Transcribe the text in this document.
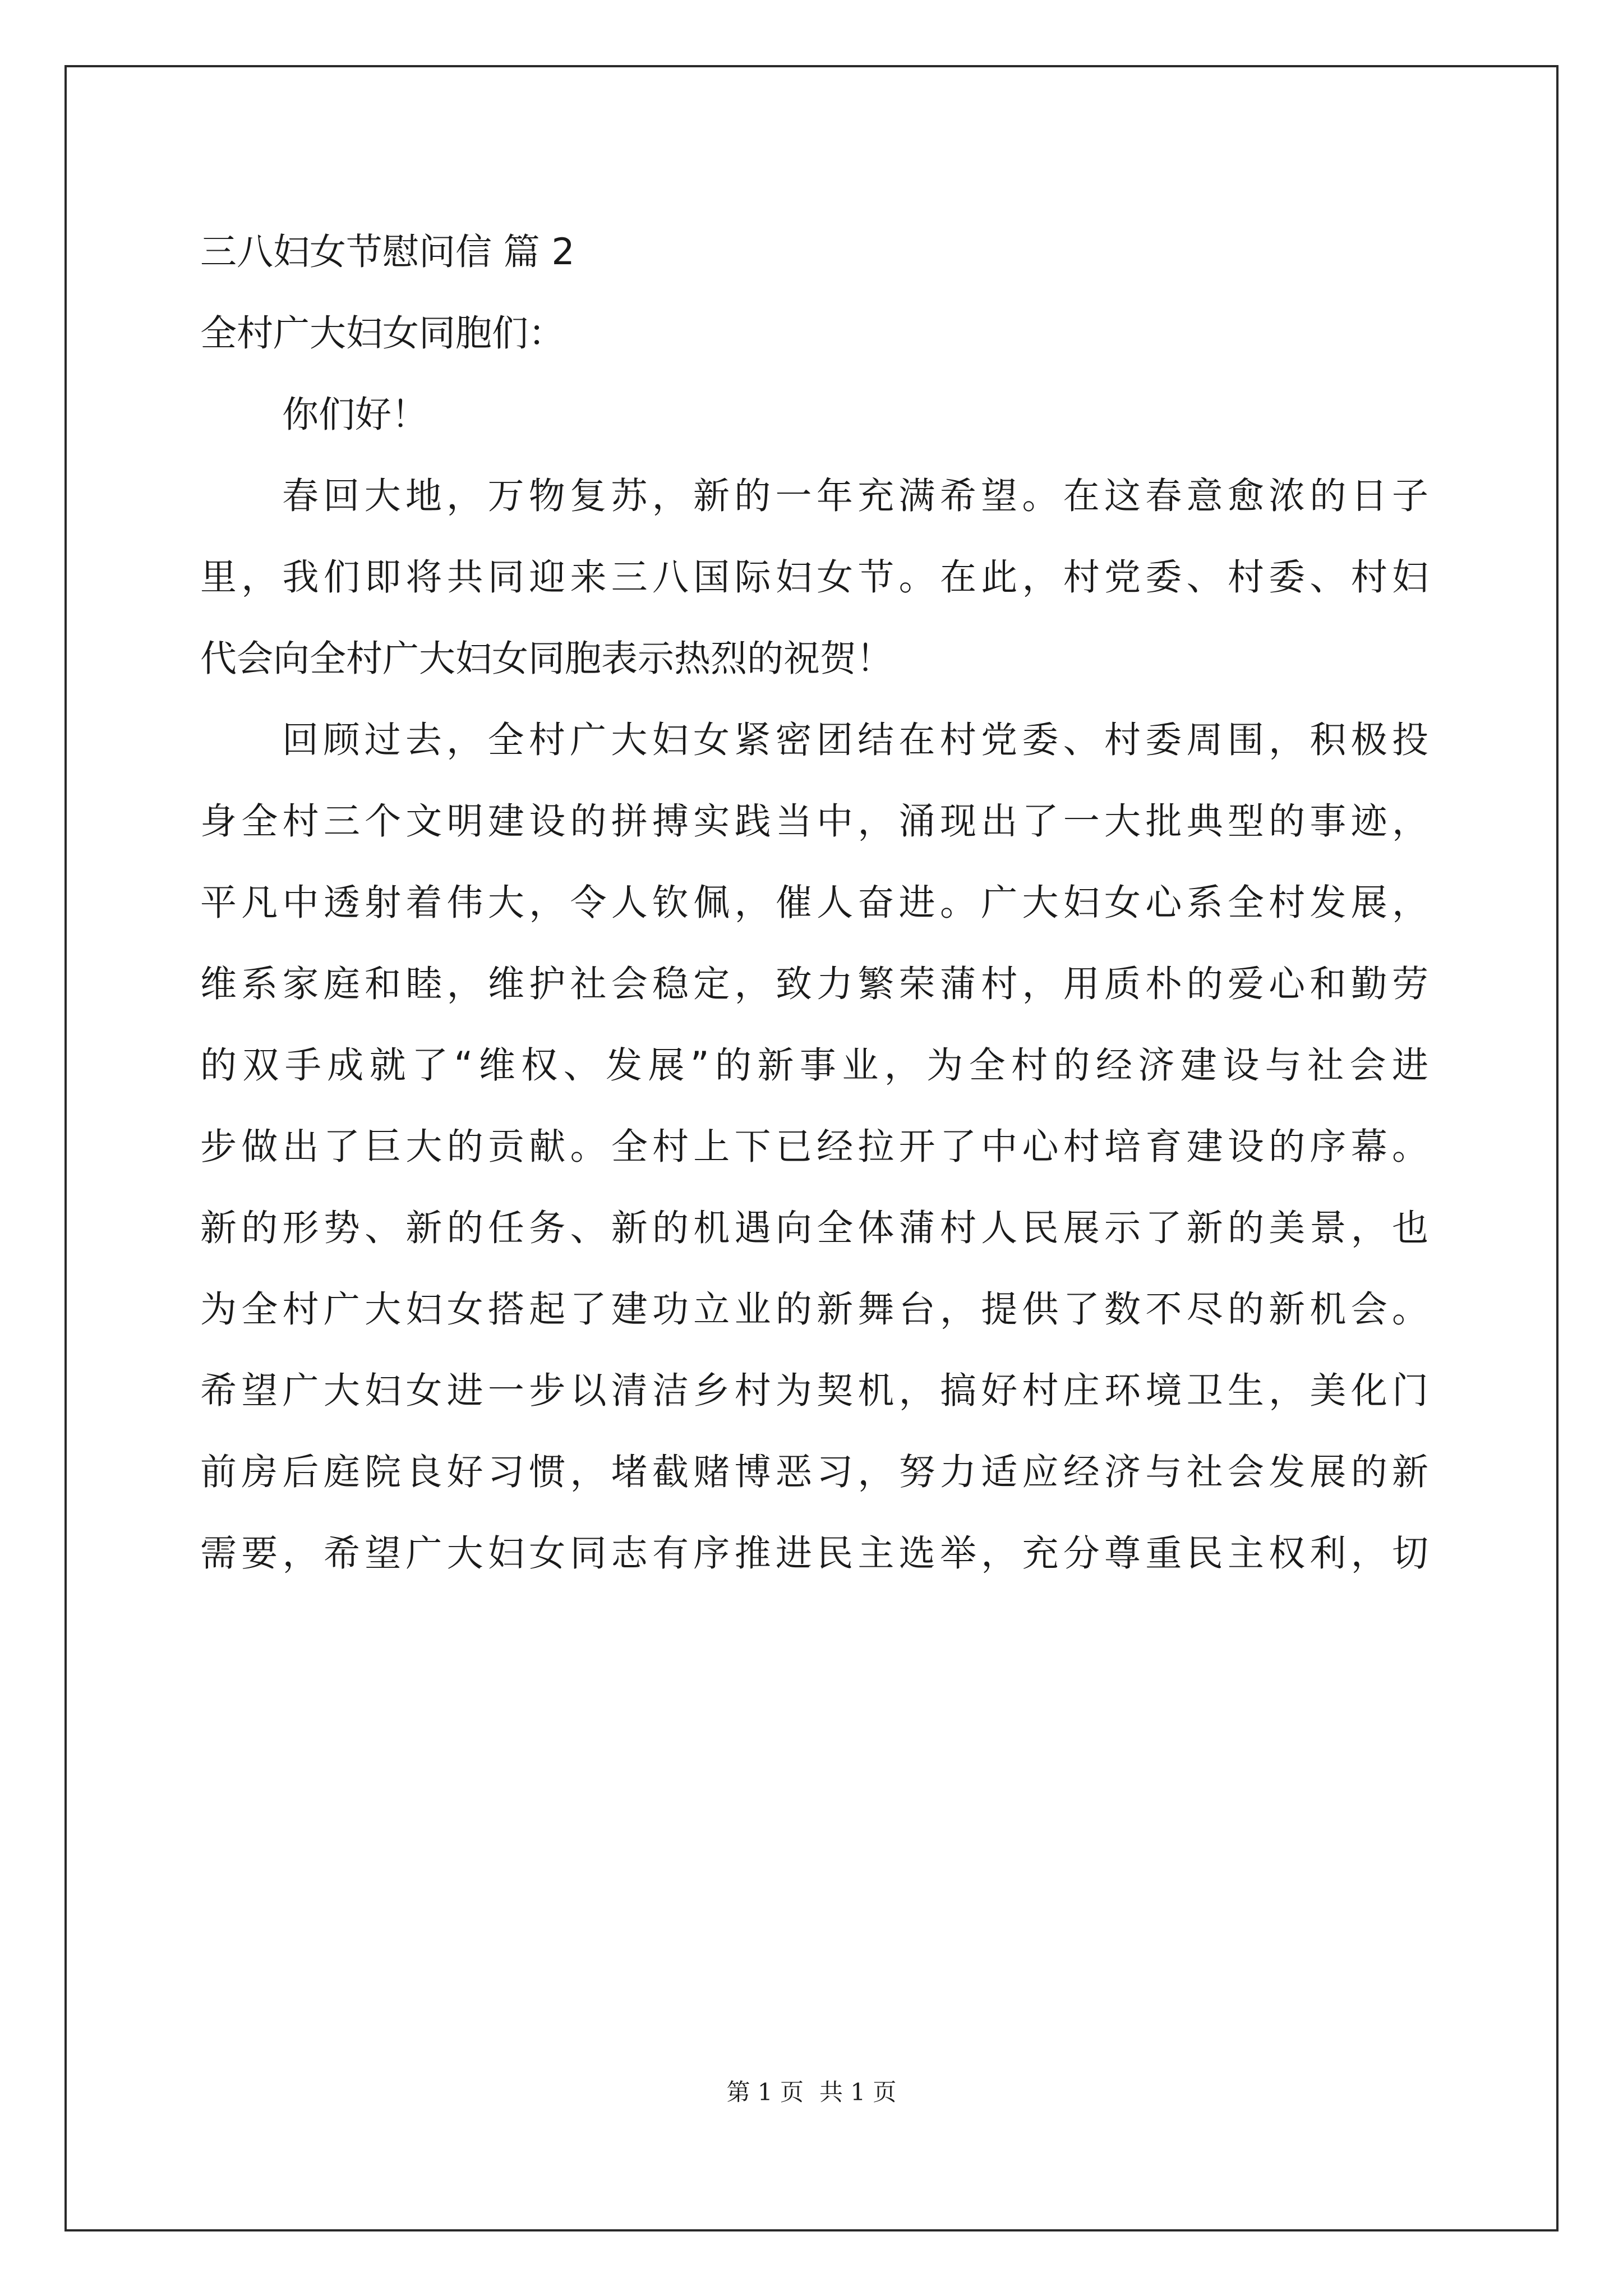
三八妇女节慰问信 篇 2
全村广大妇女同胞们：
你们好！
春回大地，万物复苏，新的一年充满希望。在这春意愈浓的日子
里，我们即将共同迎来三八国际妇女节。在此，村党委、村委、村妇
代会向全村广大妇女同胞表示热烈的祝贺！
回顾过去，全村广大妇女紧密团结在村党委、村委周围，积极投
身全村三个文明建设的拼搏实践当中，涌现出了一大批典型的事迹，
平凡中透射着伟大，令人钦佩，催人奋进。广大妇女心系全村发展，
维系家庭和睦，维护社会稳定，致力繁荣蒲村，用质朴的爱心和勤劳
的双手成就了“维权、发展”的新事业，为全村的经济建设与社会进
步做出了巨大的贡献。全村上下已经拉开了中心村培育建设的序幕。
新的形势、新的任务、新的机遇向全体蒲村人民展示了新的美景，也
为全村广大妇女搭起了建功立业的新舞台，提供了数不尽的新机会。
希望广大妇女进一步以清洁乡村为契机，搞好村庄环境卫生，美化门
前房后庭院良好习惯，堵截赌博恶习，努力适应经济与社会发展的新
需要，希望广大妇女同志有序推进民主选举，充分尊重民主权利，切
第 1 页 共 1 页
